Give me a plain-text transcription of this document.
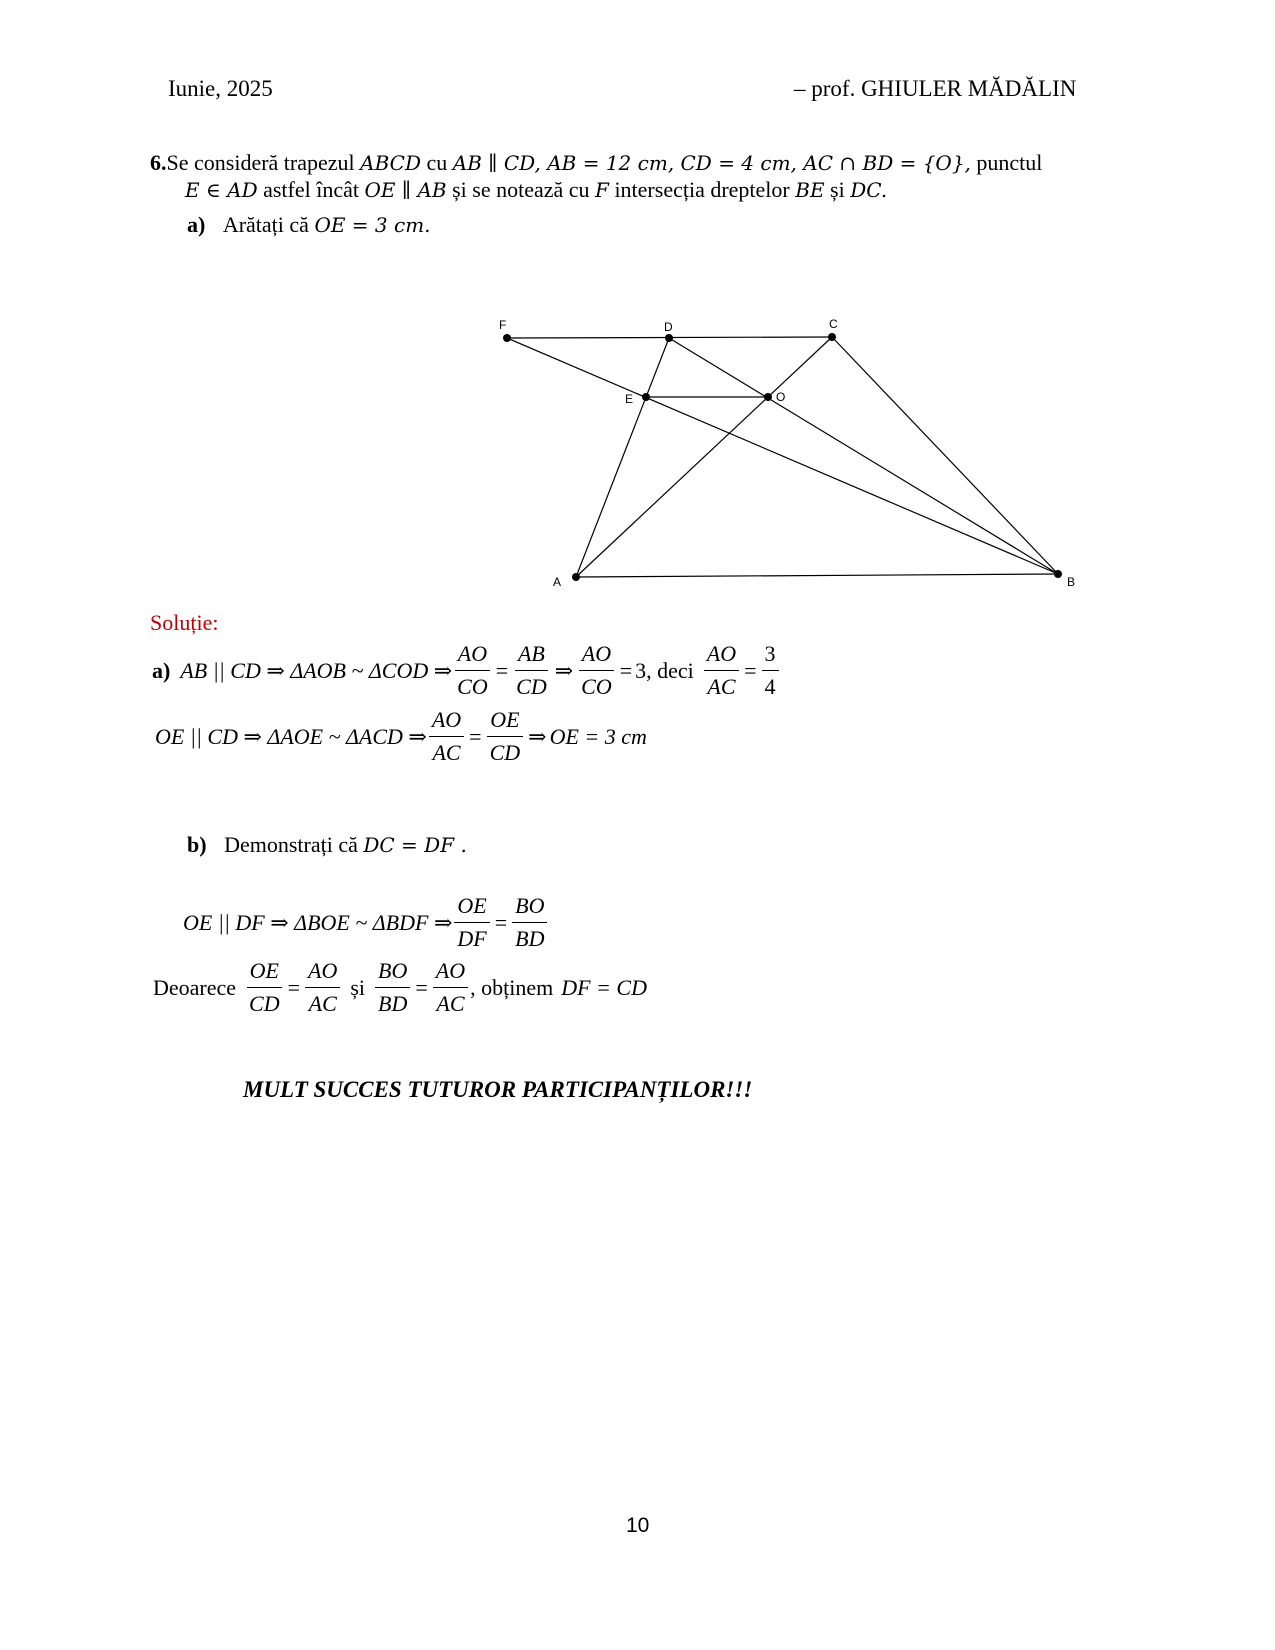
Iunie, 2025	– prof. GHIULER MĂDĂLIN
6.Se consideră trapezul ABCD cu AB ∥ CD, AB = 12 cm, CD = 4 cm, AC ∩ BD = {O}, punctul
E ∈ AD astfel încât OE ∥ AB și se notează cu F intersecția dreptelor BE și DC.
a) Arătați că OE = 3 cm.
F	D	C
E	O
A	B
Soluție:
a) AB || CD ⇒ ΔAOB ~ ΔCOD ⇒ $\frac{AO}{CO} = \frac{AB}{CD}$ ⇒ $\frac{AO}{CO} = 3$ , deci $\frac{AO}{AC} = \frac{3}{4}$
OE || CD ⇒ ΔAOE ~ ΔACD ⇒ $\frac{AO}{AC} = \frac{OE}{CD}$ ⇒ OE = 3 cm
b) Demonstrați că DC = DF .
OE || DF ⇒ ΔBOE ~ ΔBDF ⇒ $\frac{OE}{DF} = \frac{BO}{BD}$
Deoarece $\frac{OE}{CD} = \frac{AO}{AC}$ și $\frac{BO}{BD} = \frac{AO}{AC}$ , obținem DF = CD
MULT SUCCES TUTUROR PARTICIPANȚILOR!!!
10
